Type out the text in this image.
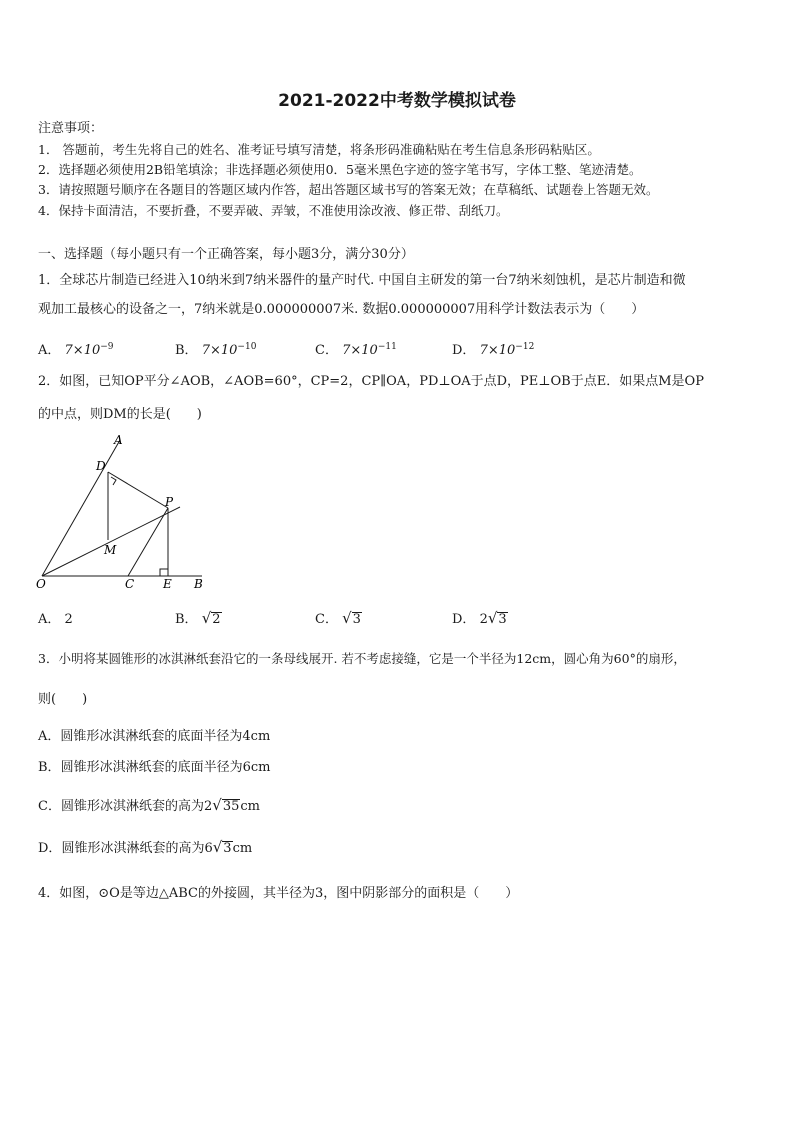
2021-2022中考数学模拟试卷
注意事项：
1． 答题前，考生先将自己的姓名、准考证号填写清楚，将条形码准确粘贴在考生信息条形码粘贴区。
2．选择题必须使用2B铅笔填涂；非选择题必须使用0．5毫米黑色字迹的签字笔书写，字体工整、笔迹清楚。
3．请按照题号顺序在各题目的答题区域内作答，超出答题区域书写的答案无效；在草稿纸、试题卷上答题无效。
4．保持卡面清洁，不要折叠，不要弄破、弄皱，不准使用涂改液、修正带、刮纸刀。
一、选择题（每小题只有一个正确答案，每小题3分，满分30分）
1．全球芯片制造已经进入10纳米到7纳米器件的量产时代. 中国自主研发的第一台7纳米刻蚀机，是芯片制造和微
观加工最核心的设备之一，7纳米就是0.000000007米. 数据0.000000007用科学计数法表示为（　　）
A． $7\times 10^{-9}$	B． $7\times 10^{-10}$	C． $7\times 10^{-11}$	D． $7\times 10^{-12}$
2．如图，已知OP平分∠AOB，∠AOB=60°，CP=2，CP∥OA，PD⊥OA于点D，PE⊥OB于点E．如果点M是OP
的中点，则DM的长是(　　)
A
D
P
M
O	C E B
A． 2	B． √2	C． √3	D． 2√3
3．小明将某圆锥形的冰淇淋纸套沿它的一条母线展开. 若不考虑接缝，它是一个半径为12cm，圆心角为60°的扇形，
则(　　)
A．圆锥形冰淇淋纸套的底面半径为4cm
B．圆锥形冰淇淋纸套的底面半径为6cm
C．圆锥形冰淇淋纸套的高为2√35cm
D．圆锥形冰淇淋纸套的高为6√3cm
4．如图，⊙O是等边△ABC的外接圆，其半径为3，图中阴影部分的面积是（　　）
